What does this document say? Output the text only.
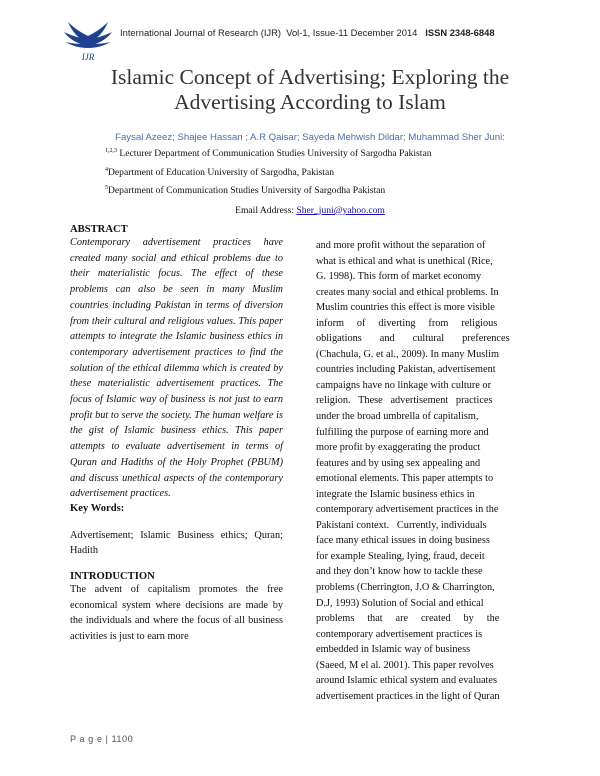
IJR
International Journal of Research (IJR) Vol-1, Issue-11 December 2014 ISSN 2348-6848
Islamic Concept of Advertising; Exploring the
Advertising According to Islam
Faysal Azeez; Shajee Hassan ; A.R Qaisar; Sayeda Mehwish Dildar; Muhammad Sher Juni:
$^{1,2,3}$ Lecturer Department of Communication Studies University of Sargodha Pakistan
$^4$Department of Education University of Sargodha, Pakistan
$^5$Department of Communication Studies University of Sargodha Pakistan
Email Address: Sher_juni@yahoo.com
ABSTRACT
Contemporary advertisement practices have created many social and ethical problems due to their materialistic focus. The effect of these problems can also be seen in many Muslim countries including Pakistan in terms of diversion from their cultural and religious values. This paper attempts to integrate the Islamic business ethics in contemporary advertisement practices to find the solution of the ethical dilemma which is created by these materialistic advertisement practices. The focus of Islamic way of business is not just to earn profit but to serve the society. The human welfare is the gist of Islamic business ethics. This paper attempts to evaluate advertisement in terms of Quran and Hadiths of the Holy Prophet (PBUM) and discuss unethical aspects of the contemporary advertisement practices.
Key Words:
Advertisement; Islamic Business ethics; Quran; Hadith
INTRODUCTION
The advent of capitalism promotes the free economical system where decisions are made by the individuals and where the focus of all business activities is just to earn more
and more profit without the separation of
what is ethical and what is unethical (Rice,
G. 1998). This form of market economy
creates many social and ethical problems. In
Muslim countries this effect is more visible
inform     of     diverting     from     religious
obligations       and       cultural       preferences
(Chachula, G. et al., 2009). In many Muslim
countries including Pakistan, advertisement
campaigns have no linkage with culture or
religion.   These   advertisement   practices
under the broad umbrella of capitalism,
fulfilling the purpose of earning more and
more profit by exaggerating the product
features and by using sex appealing and
emotional elements. This paper attempts to
integrate the Islamic business ethics in
contemporary advertisement practices in the
Pakistani context.   Currently, individuals
face many ethical issues in doing business
for example Stealing, lying, fraud, deceit
and they don’t know how to tackle these
problems (Cherrington, J.O & Charrington,
D.J, 1993) Solution of Social and ethical
problems     that     are     created     by     the
contemporary advertisement practices is
embedded in Islamic way of business
(Saeed, M el al. 2001). This paper revolves
around Islamic ethical system and evaluates
advertisement practices in the light of Quran
P a g e | 1100
